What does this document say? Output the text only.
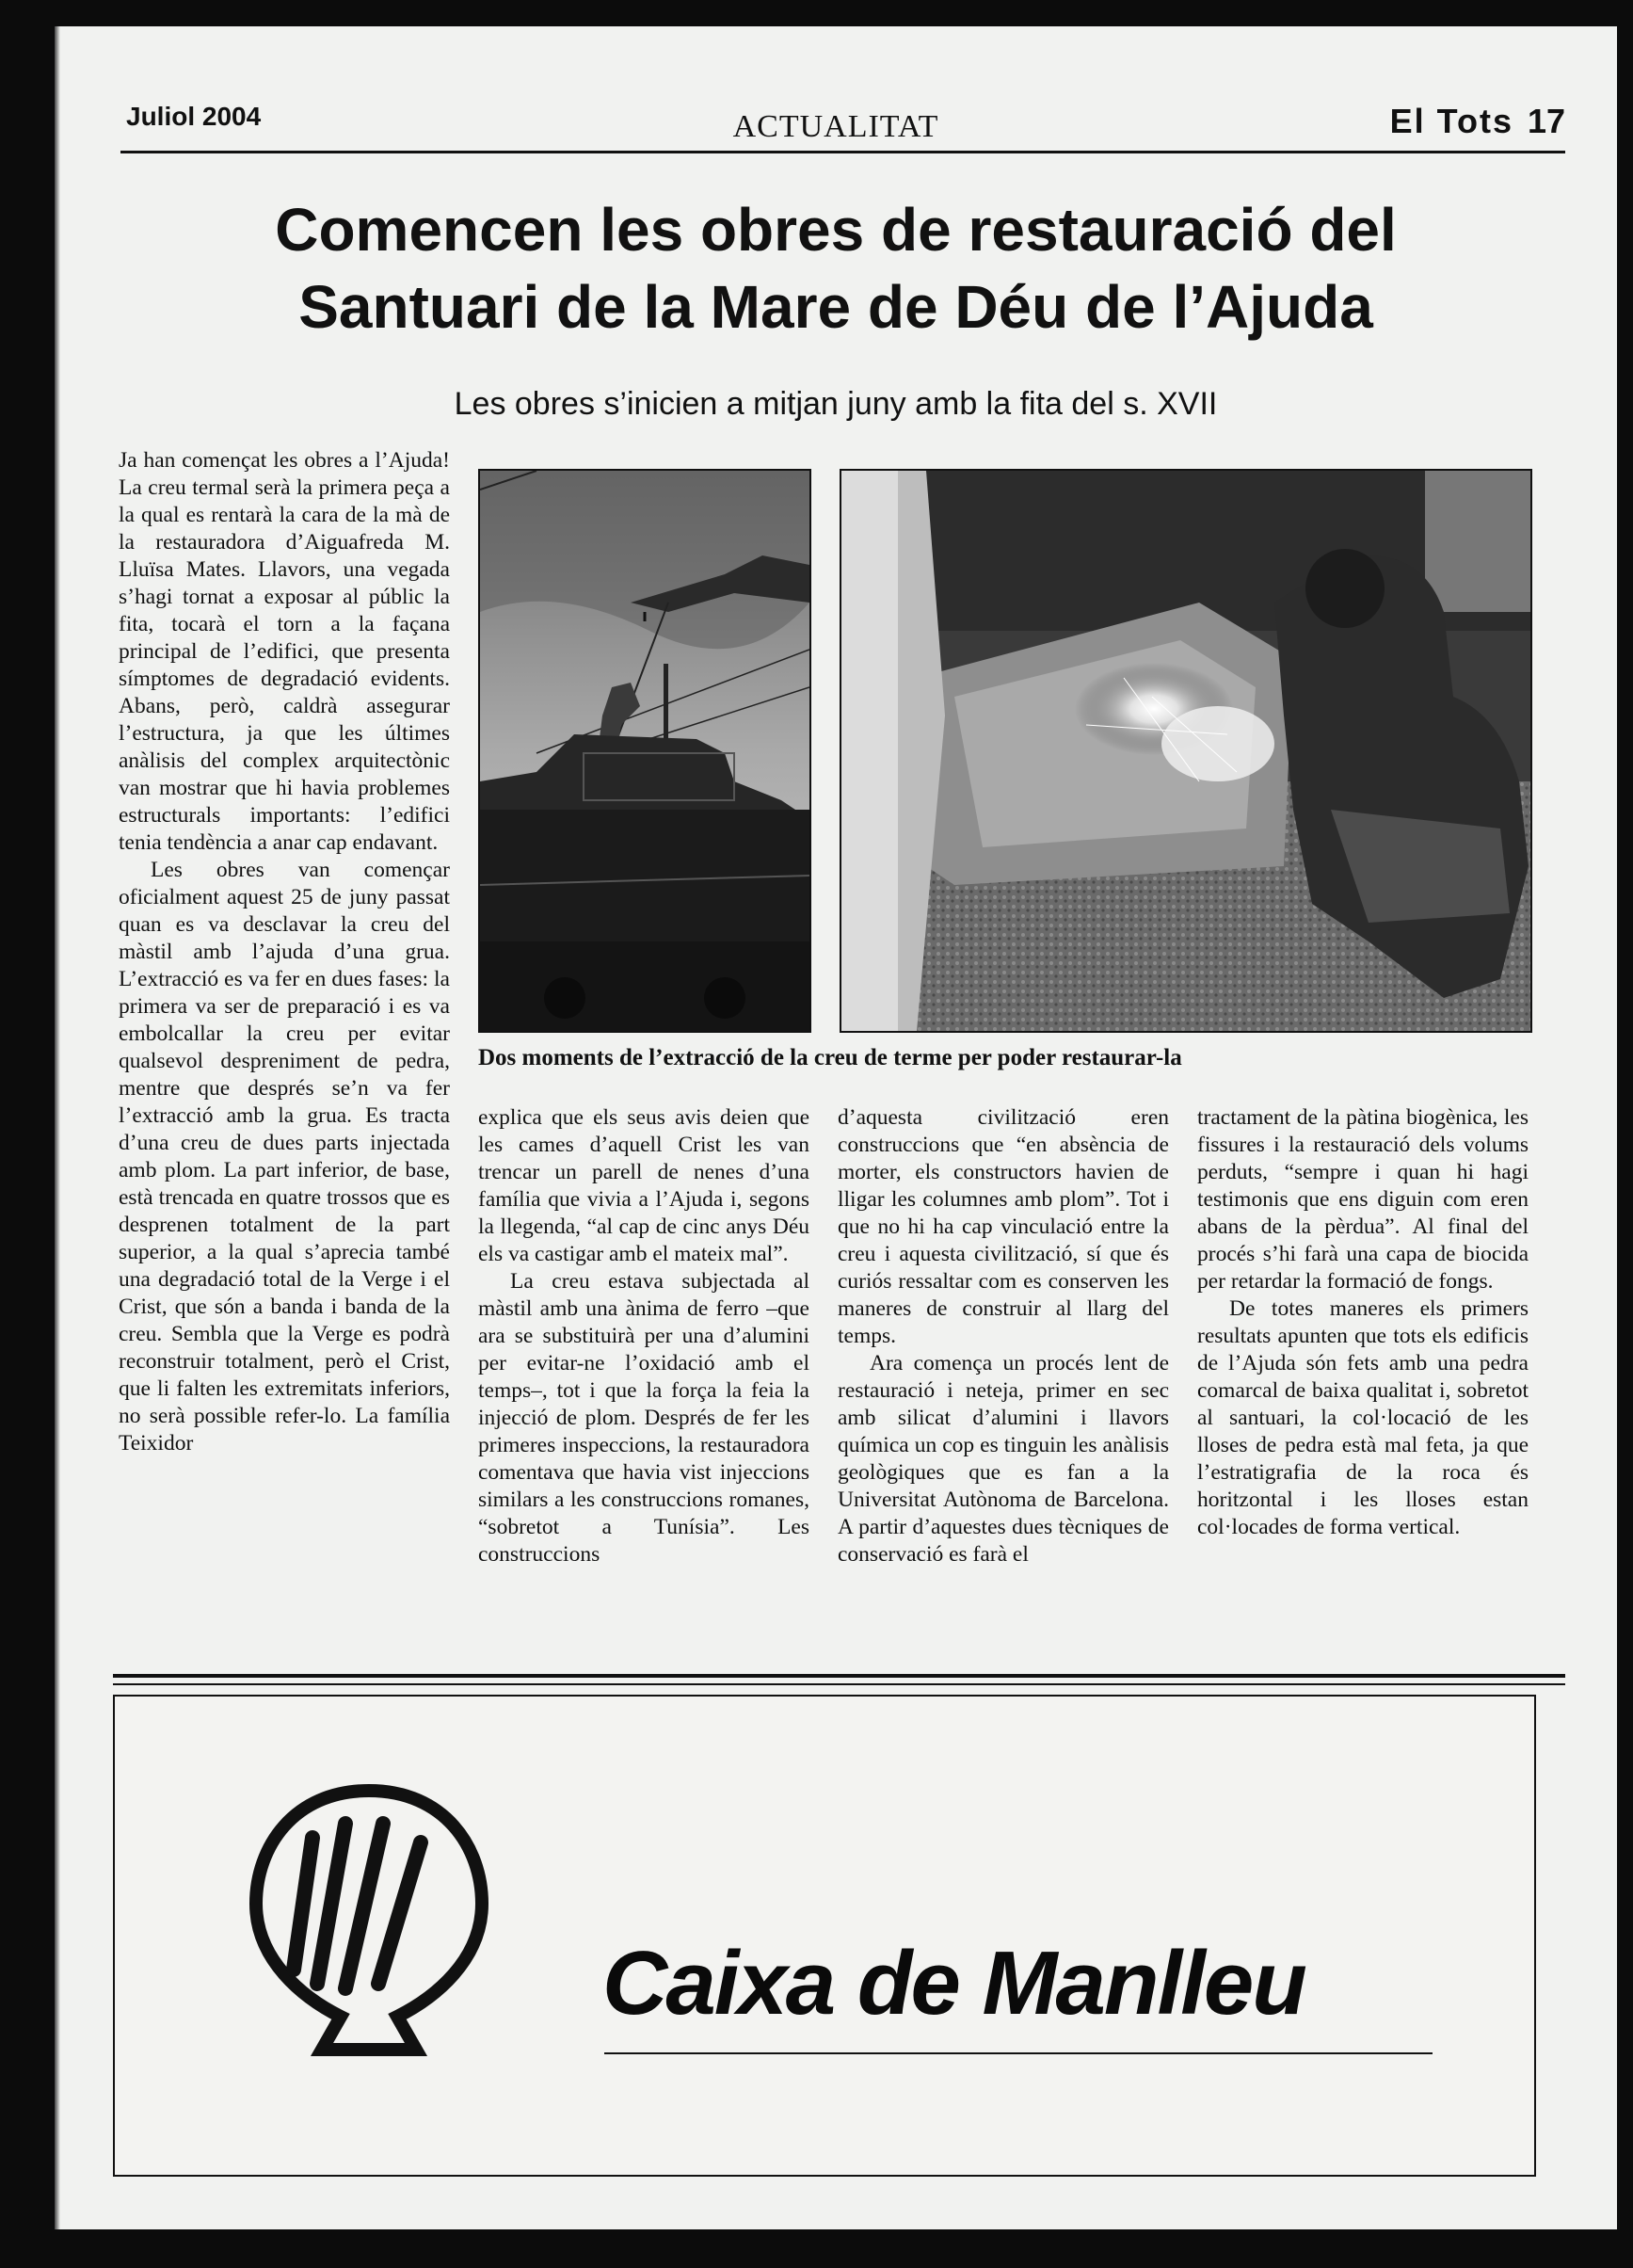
Juliol 2004	ACTUALITAT	El Tots 17
Comencen les obres de restauració del
Santuari de la Mare de Déu de l’Ajuda
Les obres s’inicien a mitjan juny amb la fita del s. XVII

Ja han començat les obres a l’Ajuda! La creu termal serà la primera peça a la qual es rentarà la cara de la mà de la restauradora d’Aiguafreda M. Lluïsa Mates. Llavors, una vegada s’hagi tornat a exposar al públic la fita, tocarà el torn a la façana principal de l’edifici, que presenta símptomes de degradació evidents. Abans, però, caldrà assegurar l’estructura, ja que les últimes anàlisis del complex arquitectònic van mostrar que hi havia problemes estructurals importants: l’edifici tenia tendència a anar cap endavant.

Les obres van començar oficialment aquest 25 de juny passat quan es va desclavar la creu del màstil amb l’ajuda d’una grua. L’extracció es va fer en dues fases: la primera va ser de preparació i es va embolcallar la creu per evitar qualsevol despreniment de pedra, mentre que després se’n va fer l’extracció amb la grua. Es tracta d’una creu de dues parts injectada amb plom. La part inferior, de base, està trencada en quatre trossos que es desprenen totalment de la part superior, a la qual s’aprecia també una degradació total de la Verge i el Crist, que són a banda i banda de la creu. Sembla que la Verge es podrà reconstruir totalment, però el Crist, que li falten les extremitats inferiors, no serà possible refer-lo. La família Teixidor

Dos moments de l’extracció de la creu de terme per poder restaurar-la

explica que els seus avis deien que les cames d’aquell Crist les van trencar un parell de nenes d’una família que vivia a l’Ajuda i, segons la llegenda, “al cap de cinc anys Déu els va castigar amb el mateix mal”.

La creu estava subjectada al màstil amb una ànima de ferro –que ara se substituirà per una d’alumini per evitar-ne l’oxidació amb el temps–, tot i que la força la feia la injecció de plom. Després de fer les primeres inspeccions, la restauradora comentava que havia vist injeccions similars a les construccions romanes, “sobretot a Tunísia”. Les construccions

d’aquesta civilització eren construccions que “en absència de morter, els constructors havien de lligar les columnes amb plom”. Tot i que no hi ha cap vinculació entre la creu i aquesta civilització, sí que és curiós ressaltar com es conserven les maneres de construir al llarg del temps.

Ara comença un procés lent de restauració i neteja, primer en sec amb silicat d’alumini i llavors química un cop es tinguin les anàlisis geològiques que es fan a la Universitat Autònoma de Barcelona. A partir d’aquestes dues tècniques de conservació es farà el

tractament de la pàtina biogènica, les fissures i la restauració dels volums perduts, “sempre i quan hi hagi testimonis que ens diguin com eren abans de la pèrdua”. Al final del procés s’hi farà una capa de biocida per retardar la formació de fongs.

De totes maneres els primers resultats apunten que tots els edificis de l’Ajuda són fets amb una pedra comarcal de baixa qualitat i, sobretot al santuari, la col·locació de les lloses de pedra està mal feta, ja que l’estratigrafia de la roca és horitzontal i les lloses estan col·locades de forma vertical.

Caixa de Manlleu
